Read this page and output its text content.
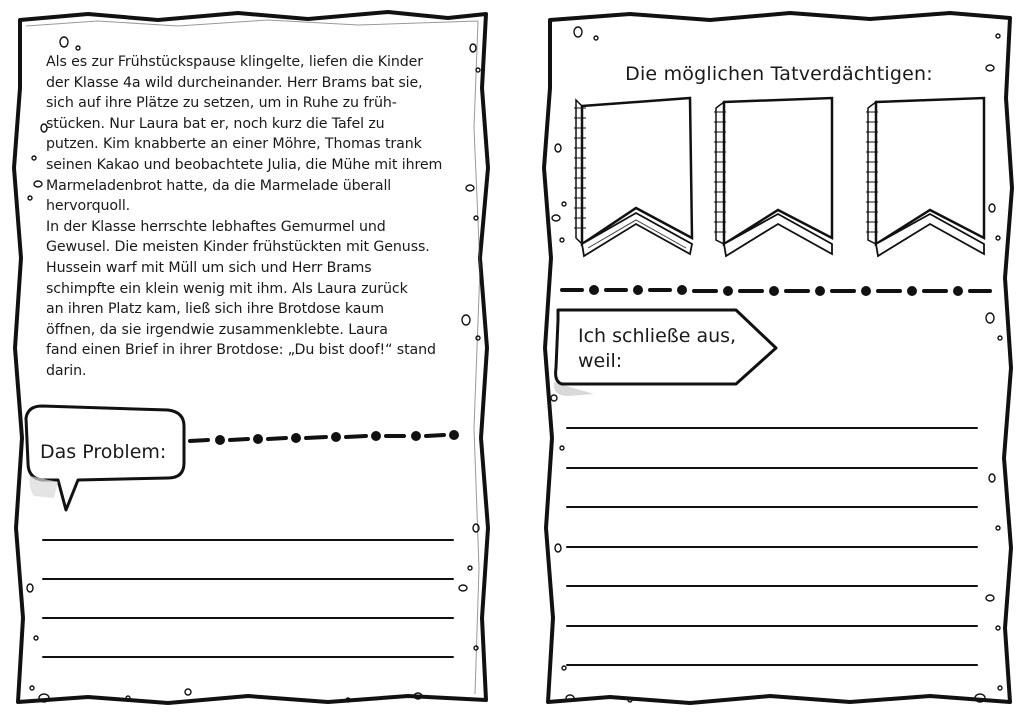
Als es zur Frühstückspause klingelte, liefen die Kinder

der Klasse 4a wild durcheinander. Herr Brams bat sie,

sich auf ihre Plätze zu setzen, um in Ruhe zu früh-

stücken. Nur Laura bat er, noch kurz die Tafel zu

putzen. Kim knabberte an einer Möhre, Thomas trank

seinen Kakao und beobachtete Julia, die Mühe mit ihrem

Marmeladenbrot hatte, da die Marmelade überall

hervorquoll.

In der Klasse herrschte lebhaftes Gemurmel und

Gewusel. Die meisten Kinder frühstückten mit Genuss.

Hussein warf mit Müll um sich und Herr Brams

schimpfte ein klein wenig mit ihm. Als Laura zurück

an ihren Platz kam, ließ sich ihre Brotdose kaum

öffnen, da sie irgendwie zusammenklebte. Laura

fand einen Brief in ihrer Brotdose: „Du bist doof!“ stand

darin.

Das Problem:
Die möglichen Tatverdächtigen:
Ich schließe aus,
weil:
